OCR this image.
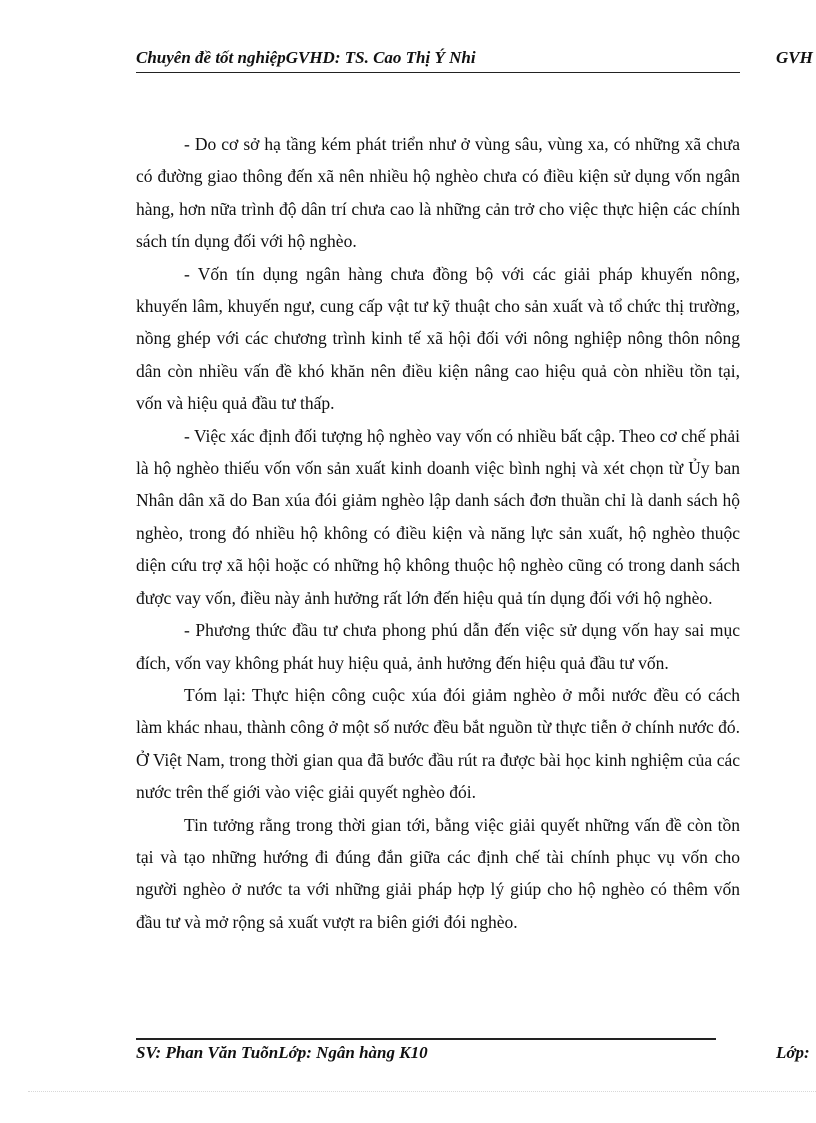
Chuyên đề tốt nghiệpGVHD: TS. Cao Thị Ý Nhi	GVH

- Do cơ sở hạ tầng kém phát triển như ở vùng sâu, vùng xa, có những xã chưa có đường giao thông đến xã nên nhiều hộ nghèo chưa có điều kiện sử dụng vốn ngân hàng, hơn nữa trình độ dân trí chưa cao là những cản trở cho việc thực hiện các chính sách tín dụng đối với hộ nghèo.

- Vốn tín dụng ngân hàng chưa đồng bộ với các giải pháp khuyến nông, khuyến lâm, khuyến ngư, cung cấp vật tư kỹ thuật cho sản xuất và tổ chức thị trường, nồng ghép với các chương trình kinh tế xã hội đối với nông nghiệp nông thôn nông dân còn nhiều vấn đề khó khăn nên điều kiện nâng cao hiệu quả còn nhiều tồn tại, vốn và hiệu quả đầu tư thấp.

- Việc xác định đối tượng hộ nghèo vay vốn có nhiều bất cập. Theo cơ chế phải là hộ nghèo thiếu vốn vốn sản xuất kinh doanh việc bình nghị và xét chọn từ Ủy ban Nhân dân xã do Ban xúa đói giảm nghèo lập danh sách đơn thuần chỉ là danh sách hộ nghèo, trong đó nhiều hộ không có điều kiện và năng lực sản xuất, hộ nghèo thuộc diện cứu trợ xã hội hoặc có những hộ không thuộc hộ nghèo cũng có trong danh sách được vay vốn, điều này ảnh hưởng rất lớn đến hiệu quả tín dụng đối với hộ nghèo.

- Phương thức đầu tư chưa phong phú dẫn đến việc sử dụng vốn hay sai mục đích, vốn vay không phát huy hiệu quả, ảnh hưởng đến hiệu quả đầu tư vốn.

Tóm lại: Thực hiện công cuộc xúa đói giảm nghèo ở mỗi nước đều có cách làm khác nhau, thành công ở một số nước đều bắt nguồn từ thực tiễn ở chính nước đó. Ở Việt Nam, trong thời gian qua đã bước đầu rút ra được bài học kinh nghiệm của các nước trên thế giới vào việc giải quyết nghèo đói.

Tin tưởng rằng trong thời gian tới, bằng việc giải quyết những vấn đề còn tồn tại và tạo những hướng đi đúng đắn giữa các định chế tài chính phục vụ vốn cho người nghèo ở nước ta với những giải pháp hợp lý giúp cho hộ nghèo có thêm vốn đầu tư và mở rộng sả xuất vượt ra biên giới đói nghèo.

SV: Phan Văn TuõnLớp: Ngân hàng K10	Lớp:
